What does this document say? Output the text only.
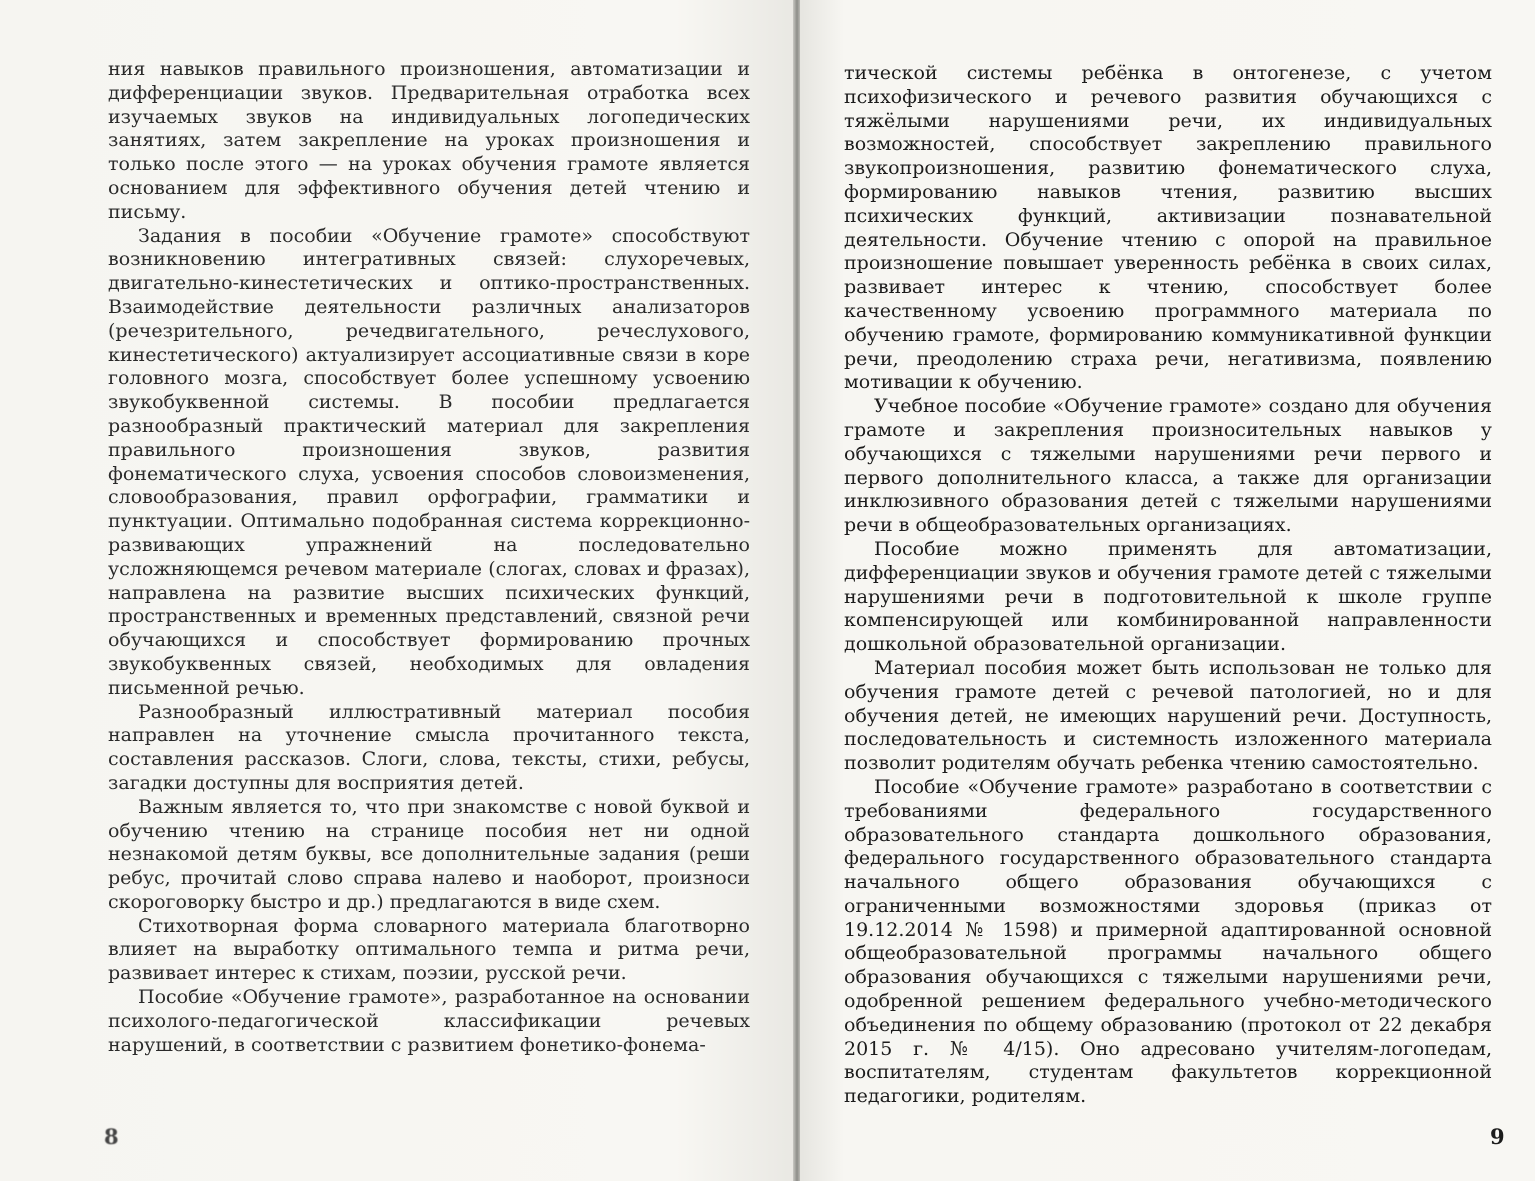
ния навыков правильного произношения, автоматизации и дифференциации звуков. Предварительная отработка всех изучаемых звуков на индивидуальных логопедических занятиях, затем закрепление на уроках произношения и только после этого — на уроках обучения грамоте является основанием для эффективного обучения детей чтению и письму.

Задания в пособии «Обучение грамоте» способствуют возникновению интегративных связей: слухоречевых, двигательно-кинестетических и оптико-пространственных. Взаимодействие деятельности различных анализаторов (речезрительного, речедвигательного, речеслухового, кинестетического) актуализирует ассоциативные связи в коре головного мозга, способствует более успешному усвоению звукобуквенной системы. В пособии предлагается разнообразный практический материал для закрепления правильного произношения звуков, развития фонематического слуха, усвоения способов словоизменения, словообразования, правил орфографии, грамматики и пунктуации. Оптимально подобранная система коррекционно-развивающих упражнений на последовательно усложняющемся речевом материале (слогах, словах и фразах), направлена на развитие высших психических функций, пространственных и временных представлений, связной речи обучающихся и способствует формированию прочных звукобуквенных связей, необходимых для овладения письменной речью.

Разнообразный иллюстративный материал пособия направлен на уточнение смысла прочитанного текста, составления рассказов. Слоги, слова, тексты, стихи, ребусы, загадки доступны для восприятия детей.

Важным является то, что при знакомстве с новой буквой и обучению чтению на странице пособия нет ни одной незнакомой детям буквы, все дополнительные задания (реши ребус, прочитай слово справа налево и наоборот, произноси скороговорку быстро и др.) предлагаются в виде схем.

Стихотворная форма словарного материала благотворно влияет на выработку оптимального темпа и ритма речи, развивает интерес к стихам, поэзии, русской речи.

Пособие «Обучение грамоте», разработанное на основании психолого-педагогической классификации речевых нарушений, в соответствии с развитием фонетико-фонема-

8

тической системы ребёнка в онтогенезе, с учетом психофизического и речевого развития обучающихся с тяжёлыми нарушениями речи, их индивидуальных возможностей, способствует закреплению правильного звукопроизношения, развитию фонематического слуха, формированию навыков чтения, развитию высших психических функций, активизации познавательной деятельности. Обучение чтению с опорой на правильное произношение повышает уверенность ребёнка в своих силах, развивает интерес к чтению, способствует более качественному усвоению программного материала по обучению грамоте, формированию коммуникативной функции речи, преодолению страха речи, негативизма, появлению мотивации к обучению.

Учебное пособие «Обучение грамоте» создано для обучения грамоте и закрепления произносительных навыков у обучающихся с тяжелыми нарушениями речи первого и первого дополнительного класса, а также для организации инклюзивного образования детей с тяжелыми нарушениями речи в общеобразовательных организациях.

Пособие можно применять для автоматизации, дифференциации звуков и обучения грамоте детей с тяжелыми нарушениями речи в подготовительной к школе группе компенсирующей или комбинированной направленности дошкольной образовательной организации.

Материал пособия может быть использован не только для обучения грамоте детей с речевой патологией, но и для обучения детей, не имеющих нарушений речи. Доступность, последовательность и системность изложенного материала позволит родителям обучать ребенка чтению самостоятельно.

Пособие «Обучение грамоте» разработано в соответствии с требованиями федерального государственного образовательного стандарта дошкольного образования, федерального государственного образовательного стандарта начального общего образования обучающихся с ограниченными возможностями здоровья (приказ от 19.12.2014 № 1598) и примерной адаптированной основной общеобразовательной программы начального общего образования обучающихся с тяжелыми нарушениями речи, одобренной решением федерального учебно-методического объединения по общему образованию (протокол от 22 декабря 2015 г. № 4/15). Оно адресовано учителям-логопедам, воспитателям, студентам факультетов коррекционной педагогики, родителям.

9
